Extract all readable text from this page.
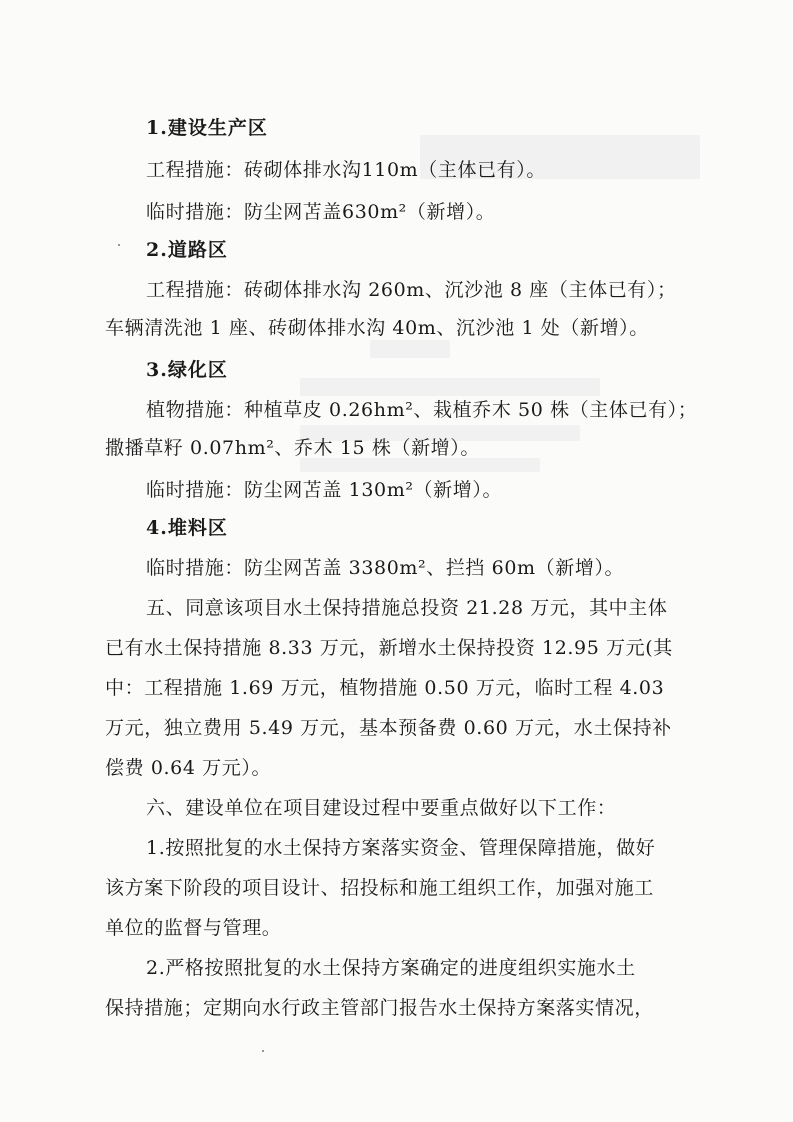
1.建设生产区
工程措施：砖砌体排水沟110m（主体已有）。
临时措施：防尘网苫盖630m²（新增）。
2.道路区
工程措施：砖砌体排水沟 260m、沉沙池 8 座（主体已有）；
车辆清洗池 1 座、砖砌体排水沟 40m、沉沙池 1 处（新增）。
3.绿化区
植物措施：种植草皮 0.26hm²、栽植乔木 50 株（主体已有）；
撒播草籽 0.07hm²、乔木 15 株（新增）。
临时措施：防尘网苫盖 130m²（新增）。
4.堆料区
临时措施：防尘网苫盖 3380m²、拦挡 60m（新增）。
五、同意该项目水土保持措施总投资 21.28 万元，其中主体
已有水土保持措施 8.33 万元，新增水土保持投资 12.95 万元(其
中：工程措施 1.69 万元，植物措施 0.50 万元，临时工程 4.03
万元，独立费用 5.49 万元，基本预备费 0.60 万元，水土保持补
偿费 0.64 万元）。
六、建设单位在项目建设过程中要重点做好以下工作：
1.按照批复的水土保持方案落实资金、管理保障措施，做好
该方案下阶段的项目设计、招投标和施工组织工作，加强对施工
单位的监督与管理。
2.严格按照批复的水土保持方案确定的进度组织实施水土
保持措施；定期向水行政主管部门报告水土保持方案落实情况，
